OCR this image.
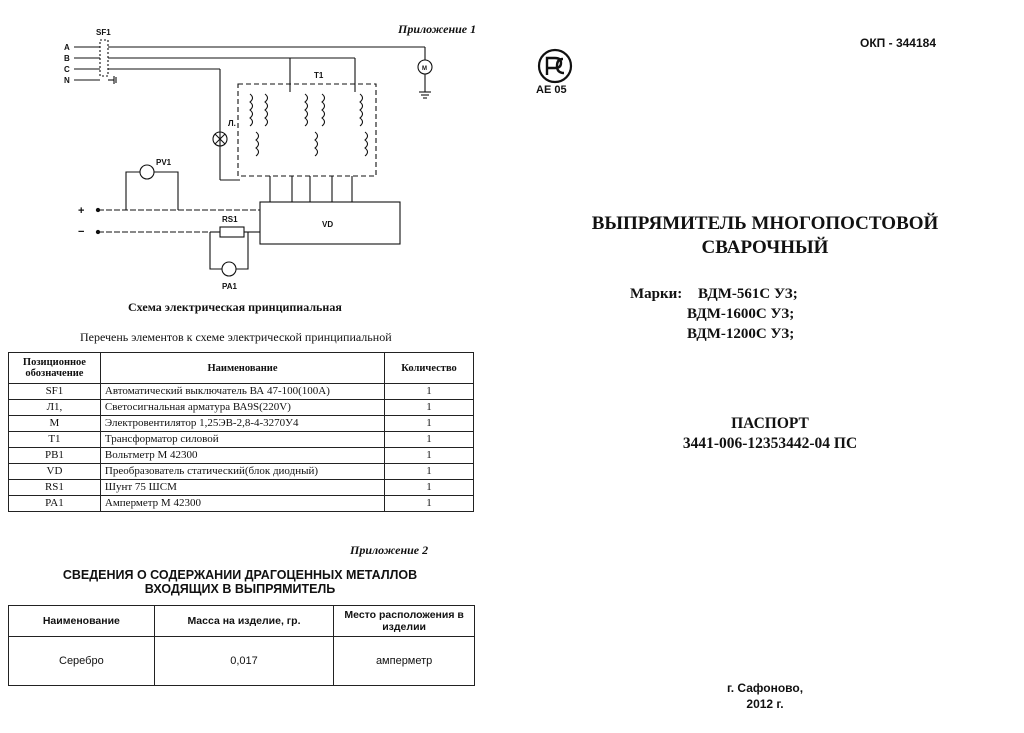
Приложение 1
A
B
C
N
SF1
M
T1
Л.
VD
+
−
PV1
RS1
PA1
Схема электрическая принципиальная
Перечень элементов к схеме электрической принципиальной
Позиционное обозначение	Наименование	Количество
SF1	Автоматический выключатель ВА 47-100(100А)	1
Л1,	Светосигнальная арматура ВА9S(220V)	1
М	Электровентилятор 1,25ЭВ-2,8-4-3270У4	1
Т1	Трансформатор силовой	1
PB1	Вольтметр М 42300	1
VD	Преобразователь статический(блок диодный)	1
RS1	Шунт 75 ШСМ	1
PA1	Амперметр М 42300	1
Приложение 2
СВЕДЕНИЯ О СОДЕРЖАНИИ ДРАГОЦЕННЫХ МЕТАЛЛОВ
ВХОДЯЩИХ В ВЫПРЯМИТЕЛЬ
Наименование	Масса на изделие, гр.	Место расположения в изделии
Серебро	0,017	амперметр
ОКП - 344184
АЕ 05
ВЫПРЯМИТЕЛЬ МНОГОПОСТОВОЙ
СВАРОЧНЫЙ
Марки: ВДМ-561С УЗ;
ВДМ-1600С УЗ;
ВДМ-1200С УЗ;
ПАСПОРТ
3441-006-12353442-04 ПС
г. Сафоново,
2012 г.
